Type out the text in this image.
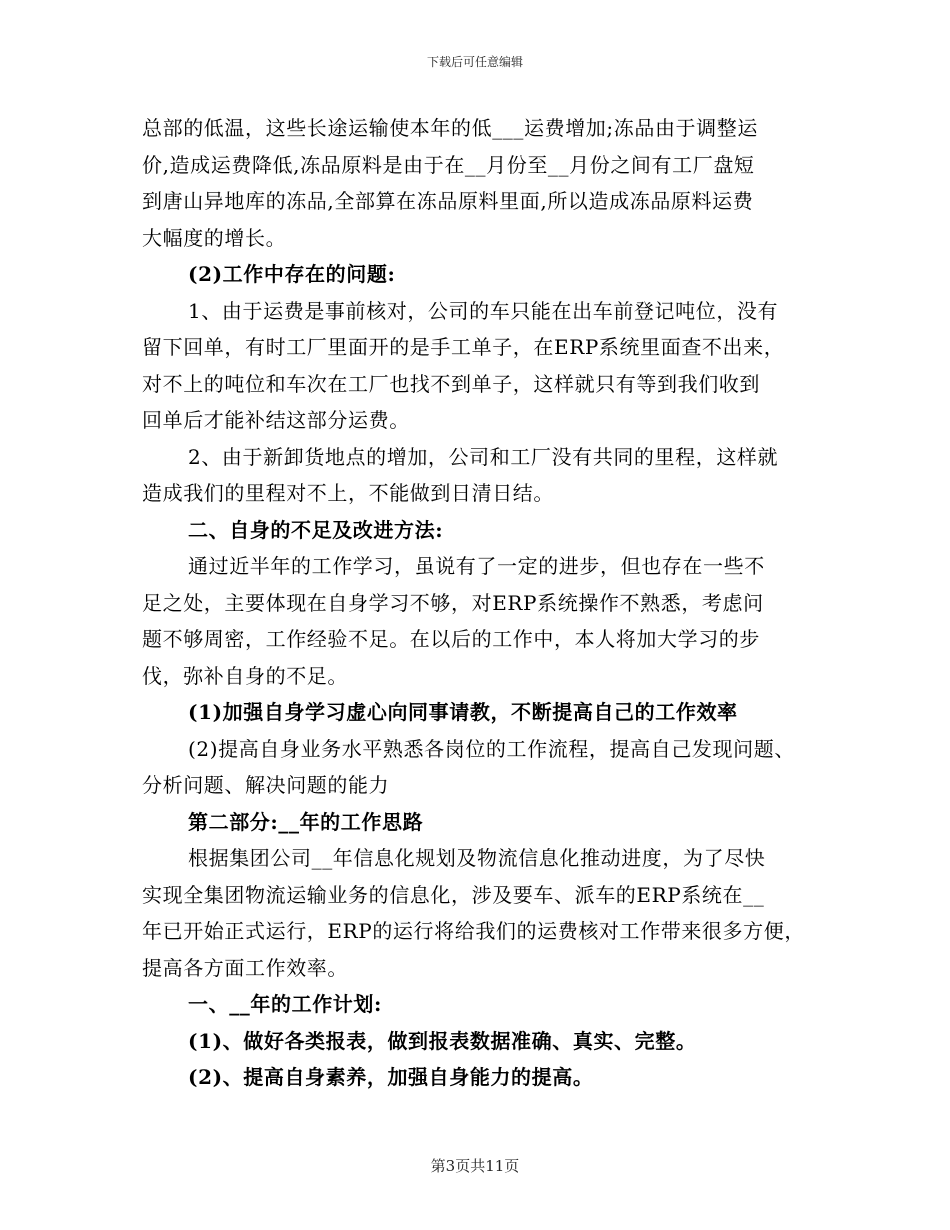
下载后可任意编辑
总部的低温，这些长途运输使本年的低___运费增加;冻品由于调整运
价,造成运费降低,冻品原料是由于在__月份至__月份之间有工厂盘短
到唐山异地库的冻品,全部算在冻品原料里面,所以造成冻品原料运费
大幅度的增长。
(2)工作中存在的问题:
1、由于运费是事前核对，公司的车只能在出车前登记吨位，没有
留下回单，有时工厂里面开的是手工单子，在ERP系统里面查不出来，
对不上的吨位和车次在工厂也找不到单子，这样就只有等到我们收到
回单后才能补结这部分运费。
2、由于新卸货地点的增加，公司和工厂没有共同的里程，这样就
造成我们的里程对不上，不能做到日清日结。
二、自身的不足及改进方法:
通过近半年的工作学习，虽说有了一定的进步，但也存在一些不
足之处，主要体现在自身学习不够，对ERP系统操作不熟悉，考虑问
题不够周密，工作经验不足。在以后的工作中，本人将加大学习的步
伐，弥补自身的不足。
(1)加强自身学习虚心向同事请教，不断提高自己的工作效率
(2)提高自身业务水平熟悉各岗位的工作流程，提高自己发现问题、
分析问题、解决问题的能力
第二部分:__年的工作思路
根据集团公司__年信息化规划及物流信息化推动进度，为了尽快
实现全集团物流运输业务的信息化，涉及要车、派车的ERP系统在__
年已开始正式运行，ERP的运行将给我们的运费核对工作带来很多方便，
提高各方面工作效率。
一、__年的工作计划:
(1)、做好各类报表，做到报表数据准确、真实、完整。
(2)、提高自身素养，加强自身能力的提高。
第3页共11页
